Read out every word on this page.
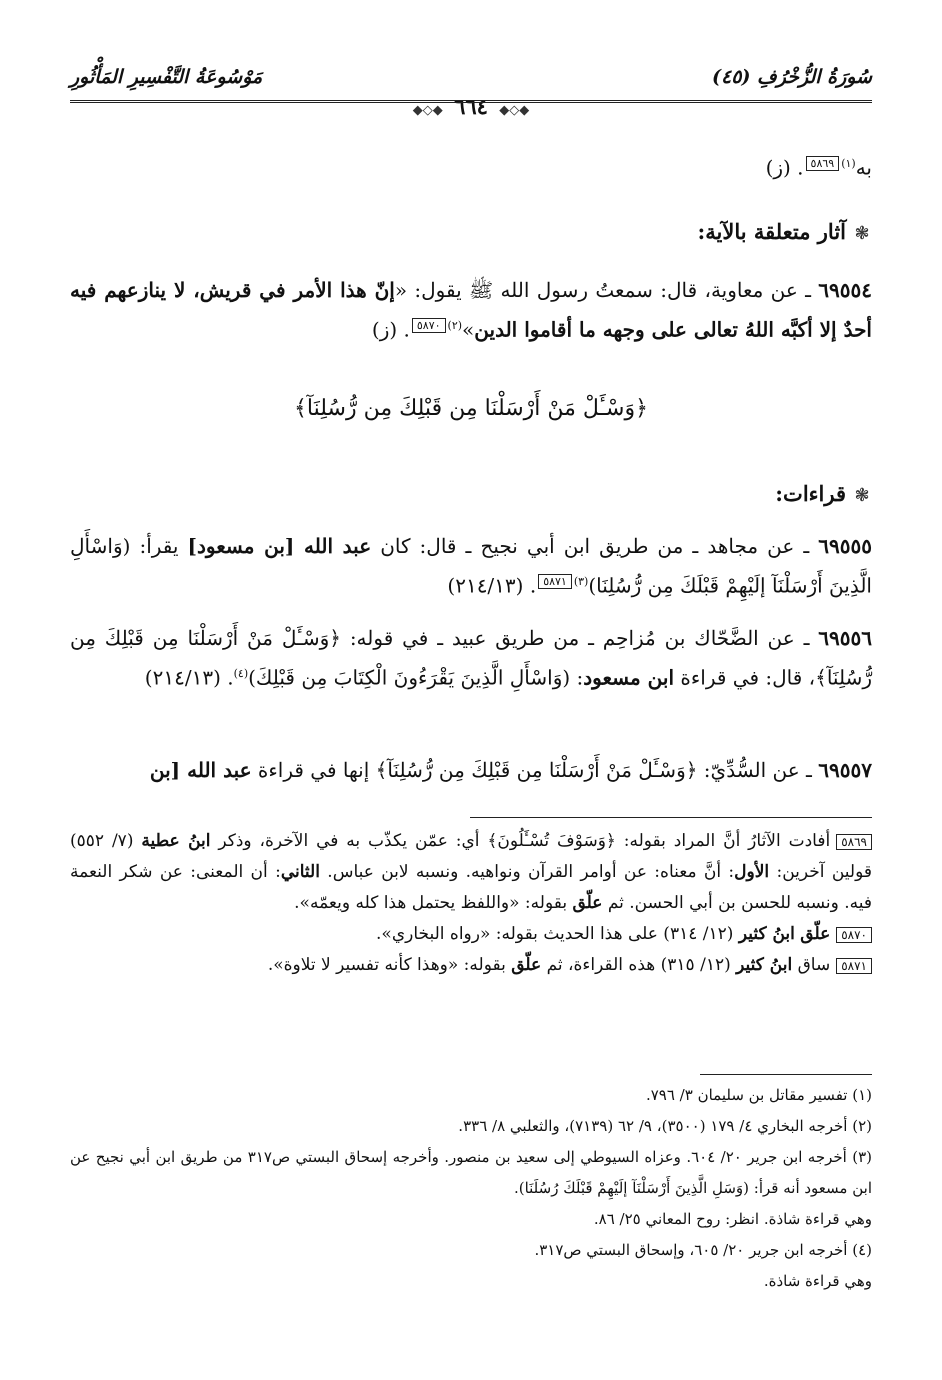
سُورَةُ الزُّخْرُفِ (٤٥)
مَوْسُوعَةُ التَّفْسِيرِ المَأْثُورِ
◆◇◆ ٦٦٤ ◆◇◆
به$^{(١)}$٥٨٦٩. (ز)
❃آثار متعلقة بالآية:
٦٩٥٥٤ ـ عن معاوية، قال: سمعتُ رسول الله ﷺ يقول: «إنّ هذا الأمر في قريش، لا ينازعهم فيه أحدٌ إلا أكبَّه اللهُ تعالى على وجهه ما أقاموا الدين»$^{(٢)}$٥٨٧٠. (ز)
﴿وَسْـَٔلْ مَنْ أَرْسَلْنَا مِن قَبْلِكَ مِن رُّسُلِنَآ﴾
❃قراءات:
٦٩٥٥٥ ـ عن مجاهد ـ من طريق ابن أبي نجيح ـ قال: كان عبد الله [بن مسعود] يقرأ: (وَاسْأَلِ الَّذِينَ أَرْسَلْنَآ إلَيْهِمْ قَبْلَكَ مِن رُّسُلِنَا)$^{(٣)}$٥٨٧١. (٢١٤/١٣)
٦٩٥٥٦ ـ عن الضَّحّاك بن مُزاحِم ـ من طريق عبيد ـ في قوله: ﴿وَسْـَٔلْ مَنْ أَرْسَلْنَا مِن قَبْلِكَ مِن رُّسُلِنَآ﴾، قال: في قراءة ابن مسعود: (وَاسْأَلِ الَّذِينَ يَقْرَءُونَ الْكِتَابَ مِن قَبْلِكَ)$^{(٤)}$. (٢١٤/١٣)
٦٩٥٥٧ ـ عن السُّدِّيّ: ﴿وَسْـَٔلْ مَنْ أَرْسَلْنَا مِن قَبْلِكَ مِن رُّسُلِنَآ﴾ إنها في قراءة عبد الله [بن
٥٨٦٩أفادت الآثارُ أنَّ المراد بقوله: ﴿وَسَوْفَ تُسْـَٔلُونَ﴾ أي: عمّن يكذّب به في الآخرة، وذكر ابنُ عطية (٧/ ٥٥٢) قولين آخرين: الأول: أنَّ معناه: عن أوامر القرآن ونواهيه. ونسبه لابن عباس. الثاني: أن المعنى: عن شكر النعمة فيه. ونسبه للحسن بن أبي الحسن. ثم علّق بقوله: «واللفظ يحتمل هذا كله ويعمّه».
٥٨٧٠علّق ابنُ كثير (١٢/ ٣١٤) على هذا الحديث بقوله: «رواه البخاري».
٥٨٧١ساق ابنُ كثير (١٢/ ٣١٥) هذه القراءة، ثم علّق بقوله: «وهذا كأنه تفسير لا تلاوة».
(١) تفسير مقاتل بن سليمان ٣/ ٧٩٦.
(٢) أخرجه البخاري ٤/ ١٧٩ (٣٥٠٠)، ٩/ ٦٢ (٧١٣٩)، والثعلبي ٨/ ٣٣٦.
(٣) أخرجه ابن جرير ٢٠/ ٦٠٤. وعزاه السيوطي إلى سعيد بن منصور. وأخرجه إسحاق البستي ص٣١٧ من طريق ابن أبي نجيح عن ابن مسعود أنه قرأ: (وَسَلِ الَّذِينَ أَرْسَلْنَآ إلَيْهِمْ قَبْلَكَ رُسُلَنَا).
وهي قراءة شاذة. انظر: روح المعاني ٢٥/ ٨٦.
(٤) أخرجه ابن جرير ٢٠/ ٦٠٥، وإسحاق البستي ص٣١٧.
وهي قراءة شاذة.
